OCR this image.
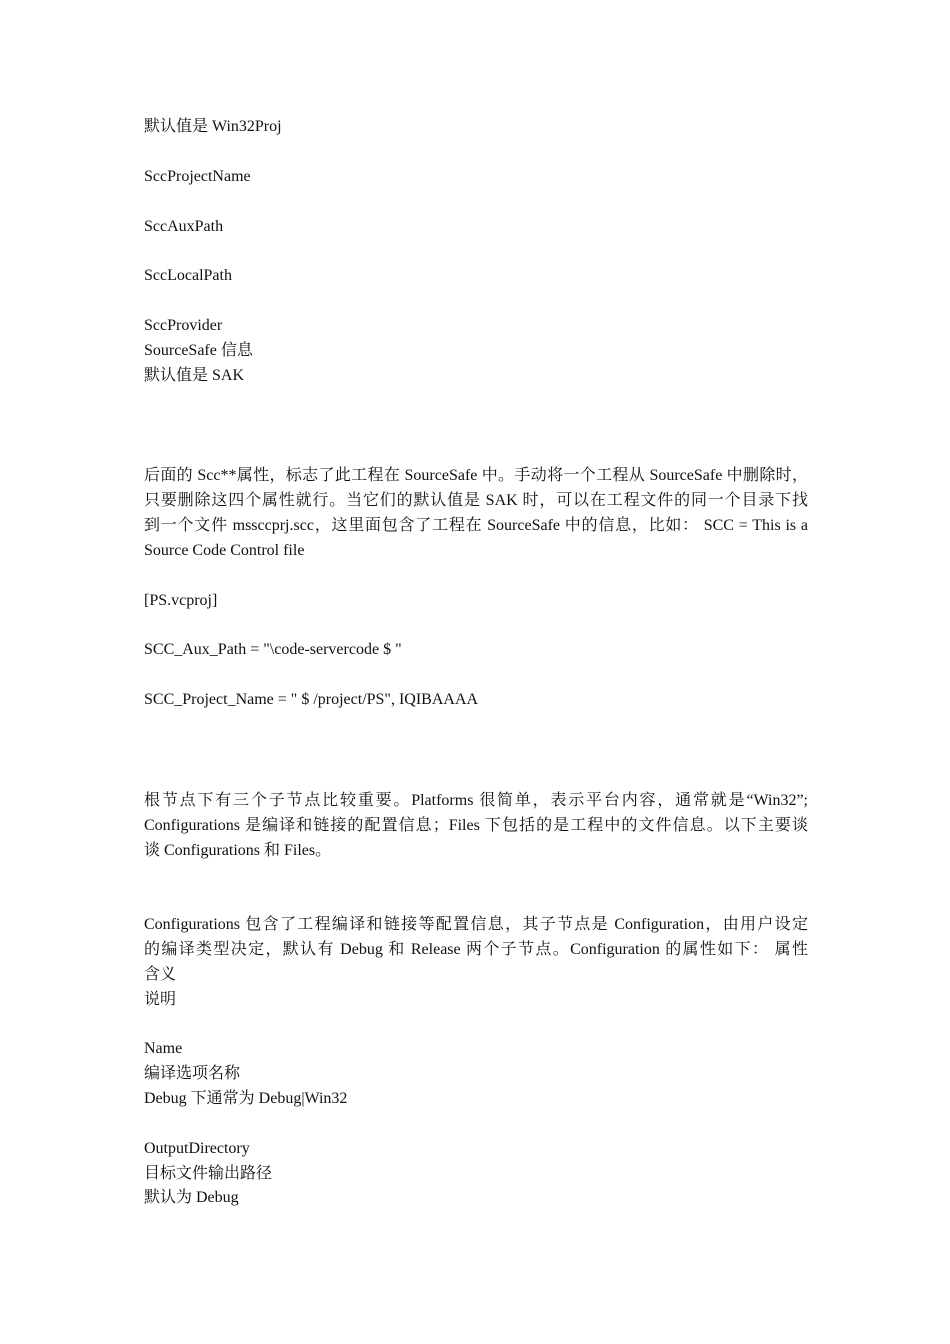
默认值是 Win32Proj
SccProjectName
SccAuxPath
SccLocalPath
SccProvider
SourceSafe 信息
默认值是 SAK
后面的 Scc**属性，标志了此工程在 SourceSafe 中。手动将一个工程从 SourceSafe 中删除时，
只要删除这四个属性就行。当它们的默认值是 SAK 时，可以在工程文件的同一个目录下找
到一个文件 mssccprj.scc，这里面包含了工程在 SourceSafe 中的信息，比如： SCC = This is a
Source Code Control file
[PS.vcproj]
SCC_Aux_Path = "\code-servercode $ "
SCC_Project_Name = " $ /project/PS", IQIBAAAA
根节点下有三个子节点比较重要。Platforms 很简单，表示平台内容，通常就是“Win32”;
Configurations 是编译和链接的配置信息；Files 下包括的是工程中的文件信息。以下主要谈
谈 Configurations 和 Files。
Configurations 包含了工程编译和链接等配置信息，其子节点是 Configuration，由用户设定
的编译类型决定，默认有 Debug 和 Release 两个子节点。Configuration 的属性如下： 属性
含义
说明
Name
编译选项名称
Debug 下通常为 Debug|Win32
OutputDirectory
目标文件输出路径
默认为 Debug
